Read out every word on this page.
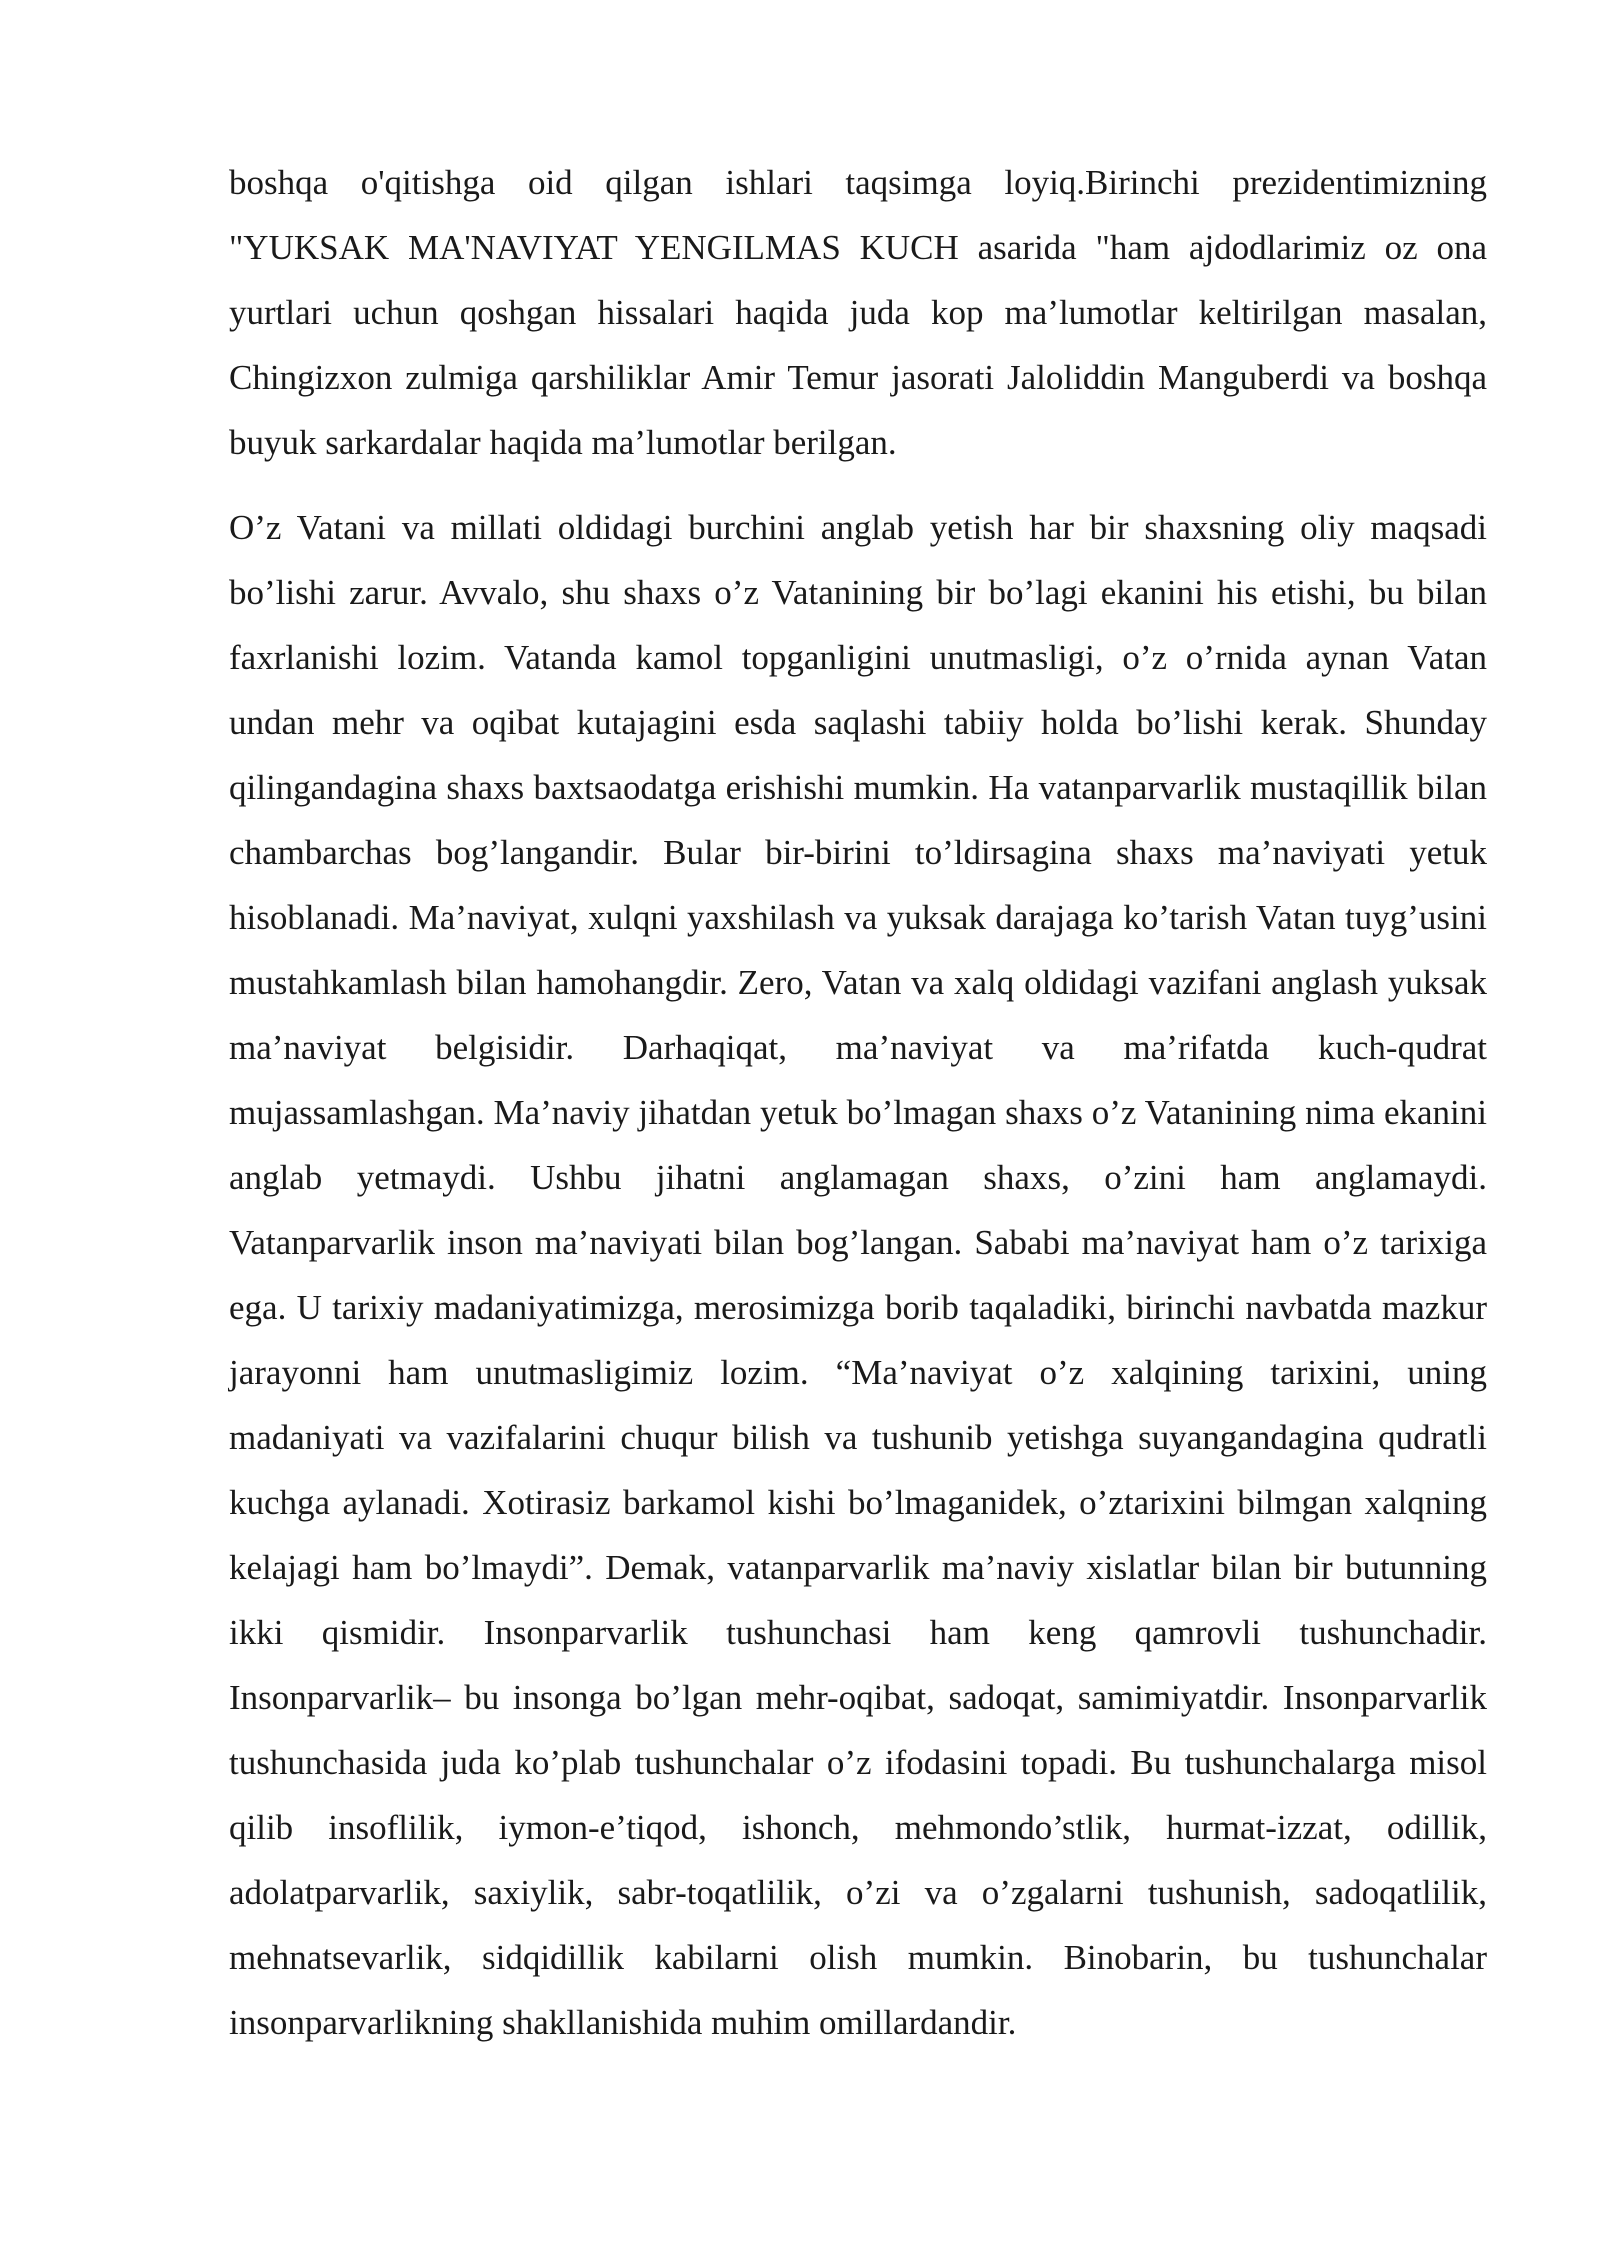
boshqa o'qitishga oid qilgan ishlari taqsimga loyiq.Birinchi prezidentimizning "YUKSAK MA'NAVIYAT YENGILMAS KUCH asarida "ham ajdodlarimiz oz ona yurtlari uchun qoshgan hissalari haqida juda kop ma’lumotlar keltirilgan masalan, Chingizxon zulmiga qarshiliklar Amir Temur jasorati Jaloliddin Manguberdi va boshqa buyuk sarkardalar haqida ma’lumotlar berilgan.

O’z Vatani va millati oldidagi burchini anglab yetish har bir shaxsning oliy maqsadi bo’lishi zarur. Avvalo, shu shaxs o’z Vatanining bir bo’lagi ekanini his etishi, bu bilan faxrlanishi lozim. Vatanda kamol topganligini unutmasligi, o’z o’rnida aynan Vatan undan mehr va oqibat kutajagini esda saqlashi tabiiy holda bo’lishi kerak. Shunday qilingandagina shaxs baxtsaodatga erishishi mumkin. Ha vatanparvarlik mustaqillik bilan chambarchas bog’langandir. Bular bir-birini to’ldirsagina shaxs ma’naviyati yetuk hisoblanadi. Ma’naviyat, xulqni yaxshilash va yuksak darajaga ko’tarish Vatan tuyg’usini mustahkamlash bilan hamohangdir. Zero, Vatan va xalq oldidagi vazifani anglash yuksak ma’naviyat belgisidir. Darhaqiqat, ma’naviyat va ma’rifatda kuch-qudrat mujassamlashgan. Ma’naviy jihatdan yetuk bo’lmagan shaxs o’z Vatanining nima ekanini anglab yetmaydi. Ushbu jihatni anglamagan shaxs, o’zini ham anglamaydi. Vatanparvarlik inson ma’naviyati bilan bog’langan. Sababi ma’naviyat ham o’z tarixiga ega. U tarixiy madaniyatimizga, merosimizga borib taqaladiki, birinchi navbatda mazkur jarayonni ham unutmasligimiz lozim. “Ma’naviyat o’z xalqining tarixini, uning madaniyati va vazifalarini chuqur bilish va tushunib yetishga suyangandagina qudratli kuchga aylanadi. Xotirasiz barkamol kishi bo’lmaganidek, o’ztarixini bilmgan xalqning kelajagi ham bo’lmaydi”. Demak, vatanparvarlik ma’naviy xislatlar bilan bir butunning ikki qismidir. Insonparvarlik tushunchasi ham keng qamrovli tushunchadir. Insonparvarlik– bu insonga bo’lgan mehr-oqibat, sadoqat, samimiyatdir. Insonparvarlik tushunchasida juda ko’plab tushunchalar o’z ifodasini topadi. Bu tushunchalarga misol qilib insoflilik, iymon-e’tiqod, ishonch, mehmondo’stlik, hurmat-izzat, odillik, adolatparvarlik, saxiylik, sabr-toqatlilik, o’zi va o’zgalarni tushunish, sadoqatlilik, mehnatsevarlik, sidqidillik kabilarni olish mumkin. Binobarin, bu tushunchalar insonparvarlikning shakllanishida muhim omillardandir.
